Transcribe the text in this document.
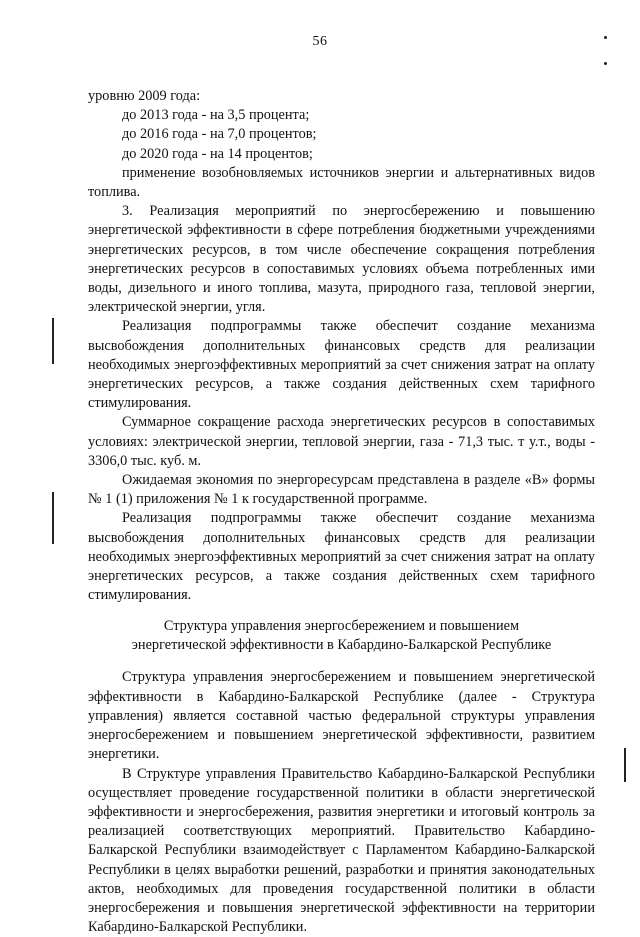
56
уровню 2009 года:
до 2013 года - на 3,5 процента;
до 2016 года - на 7,0 процентов;
до 2020 года - на 14 процентов;
применение возобновляемых источников энергии и альтернативных видов топлива.
3. Реализация мероприятий по энергосбережению и повышению энергетической эффективности в сфере потребления бюджетными учреждениями энергетических ресурсов, в том числе обеспечение сокращения потребления энергетических ресурсов в сопоставимых условиях объема потребленных ими воды, дизельного и иного топлива, мазута, природного газа, тепловой энергии, электрической энергии, угля.
Реализация подпрограммы также обеспечит создание механизма высвобождения дополнительных финансовых средств для реализации необходимых энергоэффективных мероприятий за счет снижения затрат на оплату энергетических ресурсов, а также создания действенных схем тарифного стимулирования.
Суммарное сокращение расхода энергетических ресурсов в сопоставимых условиях: электрической энергии, тепловой энергии, газа - 71,3 тыс. т у.т., воды - 3306,0 тыс. куб. м.
Ожидаемая экономия по энергоресурсам представлена в разделе «В» формы № 1 (1) приложения № 1 к государственной программе.
Реализация подпрограммы также обеспечит создание механизма высвобождения дополнительных финансовых средств для реализации необходимых энергоэффективных мероприятий за счет снижения затрат на оплату энергетических ресурсов, а также создания действенных схем тарифного стимулирования.
Структура управления энергосбережением и повышением
энергетической эффективности в Кабардино-Балкарской Республике
Структура управления энергосбережением и повышением энергетической эффективности в Кабардино-Балкарской Республике (далее - Структура управления) является составной частью федеральной структуры управления энергосбережением и повышением энергетической эффективности, развитием энергетики.
В Структуре управления Правительство Кабардино-Балкарской Республики осуществляет проведение государственной политики в области энергетической эффективности и энергосбережения, развития энергетики и итоговый контроль за реализацией соответствующих мероприятий. Правительство Кабардино-Балкарской Республики взаимодействует с Парламентом Кабардино-Балкарской Республики в целях выработки решений, разработки и принятия законодательных актов, необходимых для проведения государственной политики в области энергосбережения и повышения энергетической эффективности на территории Кабардино-Балкарской Республики.
